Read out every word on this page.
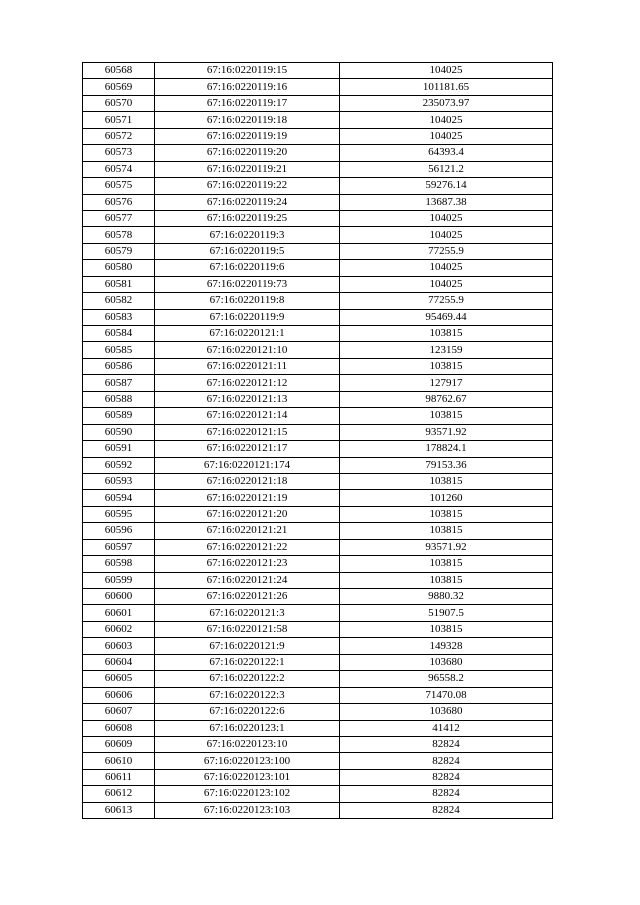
60568	67:16:0220119:15	104025
60569	67:16:0220119:16	101181.65
60570	67:16:0220119:17	235073.97
60571	67:16:0220119:18	104025
60572	67:16:0220119:19	104025
60573	67:16:0220119:20	64393.4
60574	67:16:0220119:21	56121.2
60575	67:16:0220119:22	59276.14
60576	67:16:0220119:24	13687.38
60577	67:16:0220119:25	104025
60578	67:16:0220119:3	104025
60579	67:16:0220119:5	77255.9
60580	67:16:0220119:6	104025
60581	67:16:0220119:73	104025
60582	67:16:0220119:8	77255.9
60583	67:16:0220119:9	95469.44
60584	67:16:0220121:1	103815
60585	67:16:0220121:10	123159
60586	67:16:0220121:11	103815
60587	67:16:0220121:12	127917
60588	67:16:0220121:13	98762.67
60589	67:16:0220121:14	103815
60590	67:16:0220121:15	93571.92
60591	67:16:0220121:17	178824.1
60592	67:16:0220121:174	79153.36
60593	67:16:0220121:18	103815
60594	67:16:0220121:19	101260
60595	67:16:0220121:20	103815
60596	67:16:0220121:21	103815
60597	67:16:0220121:22	93571.92
60598	67:16:0220121:23	103815
60599	67:16:0220121:24	103815
60600	67:16:0220121:26	9880.32
60601	67:16:0220121:3	51907.5
60602	67:16:0220121:58	103815
60603	67:16:0220121:9	149328
60604	67:16:0220122:1	103680
60605	67:16:0220122:2	96558.2
60606	67:16:0220122:3	71470.08
60607	67:16:0220122:6	103680
60608	67:16:0220123:1	41412
60609	67:16:0220123:10	82824
60610	67:16:0220123:100	82824
60611	67:16:0220123:101	82824
60612	67:16:0220123:102	82824
60613	67:16:0220123:103	82824
